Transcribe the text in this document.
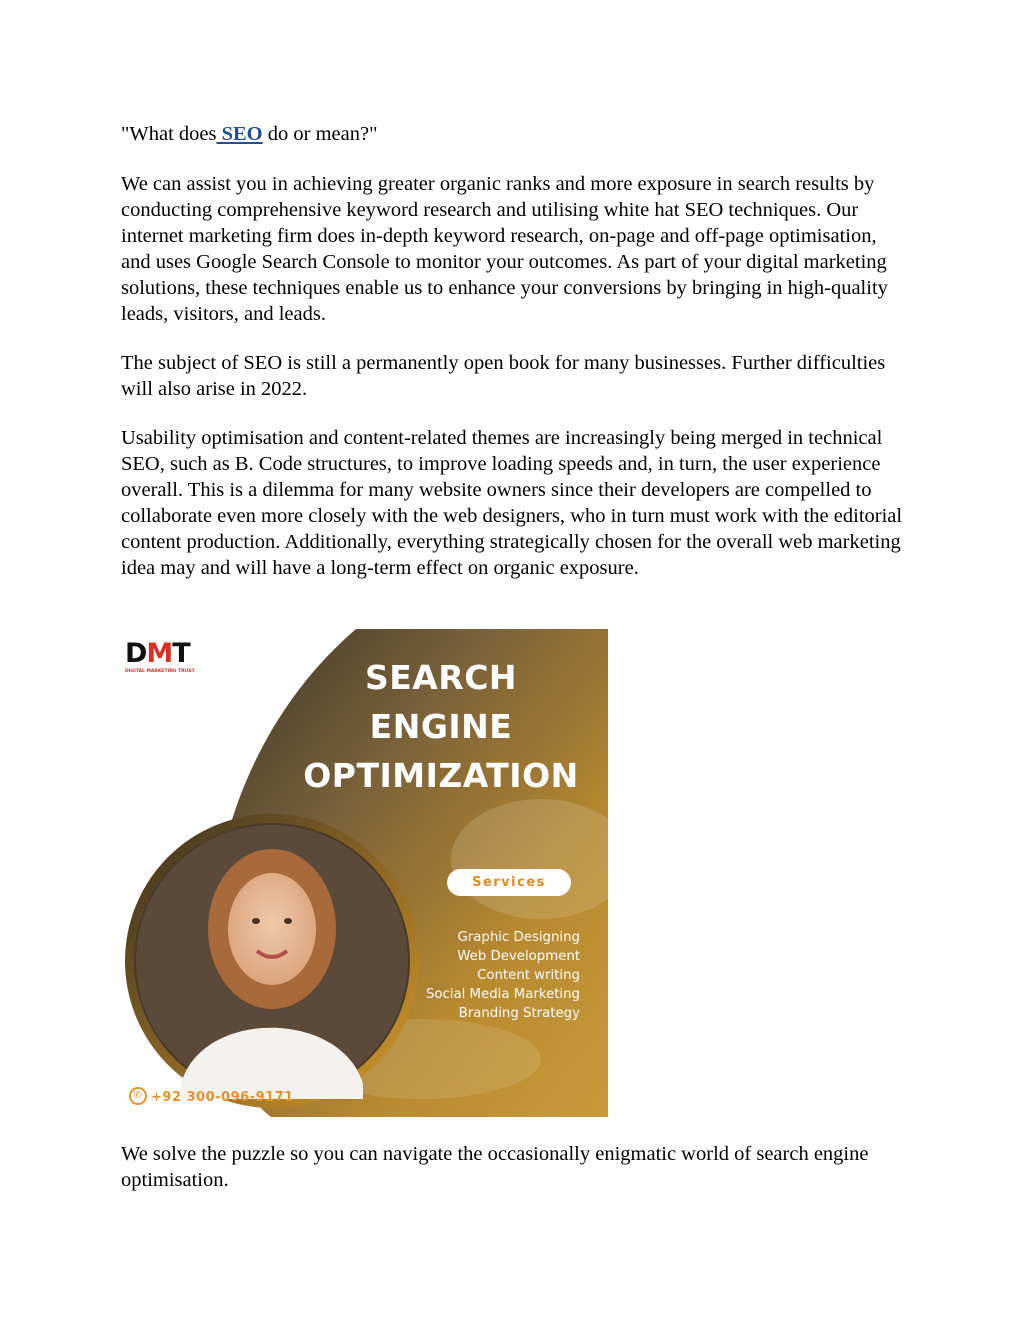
"What does SEO do or mean?"

We can assist you in achieving greater organic ranks and more exposure in search results by conducting comprehensive keyword research and utilising white hat SEO techniques. Our internet marketing firm does in-depth keyword research, on-page and off-page optimisation, and uses Google Search Console to monitor your outcomes. As part of your digital marketing solutions, these techniques enable us to enhance your conversions by bringing in high-quality leads, visitors, and leads.

The subject of SEO is still a permanently open book for many businesses. Further difficulties will also arise in 2022.

Usability optimisation and content-related themes are increasingly being merged in technical SEO, such as B. Code structures, to improve loading speeds and, in turn, the user experience overall. This is a dilemma for many website owners since their developers are compelled to collaborate even more closely with the web designers, who in turn must work with the editorial content production. Additionally, everything strategically chosen for the overall web marketing idea may and will have a long-term effect on organic exposure.

DMT
DIGITAL MARKETING TRUST	SEARCH
ENGINE
OPTIMIZATION
Services
Graphic Designing
Web Development
Content writing
Social Media Marketing
Branding Strategy
✆ +92 300-096-9171

We solve the puzzle so you can navigate the occasionally enigmatic world of search engine optimisation.
